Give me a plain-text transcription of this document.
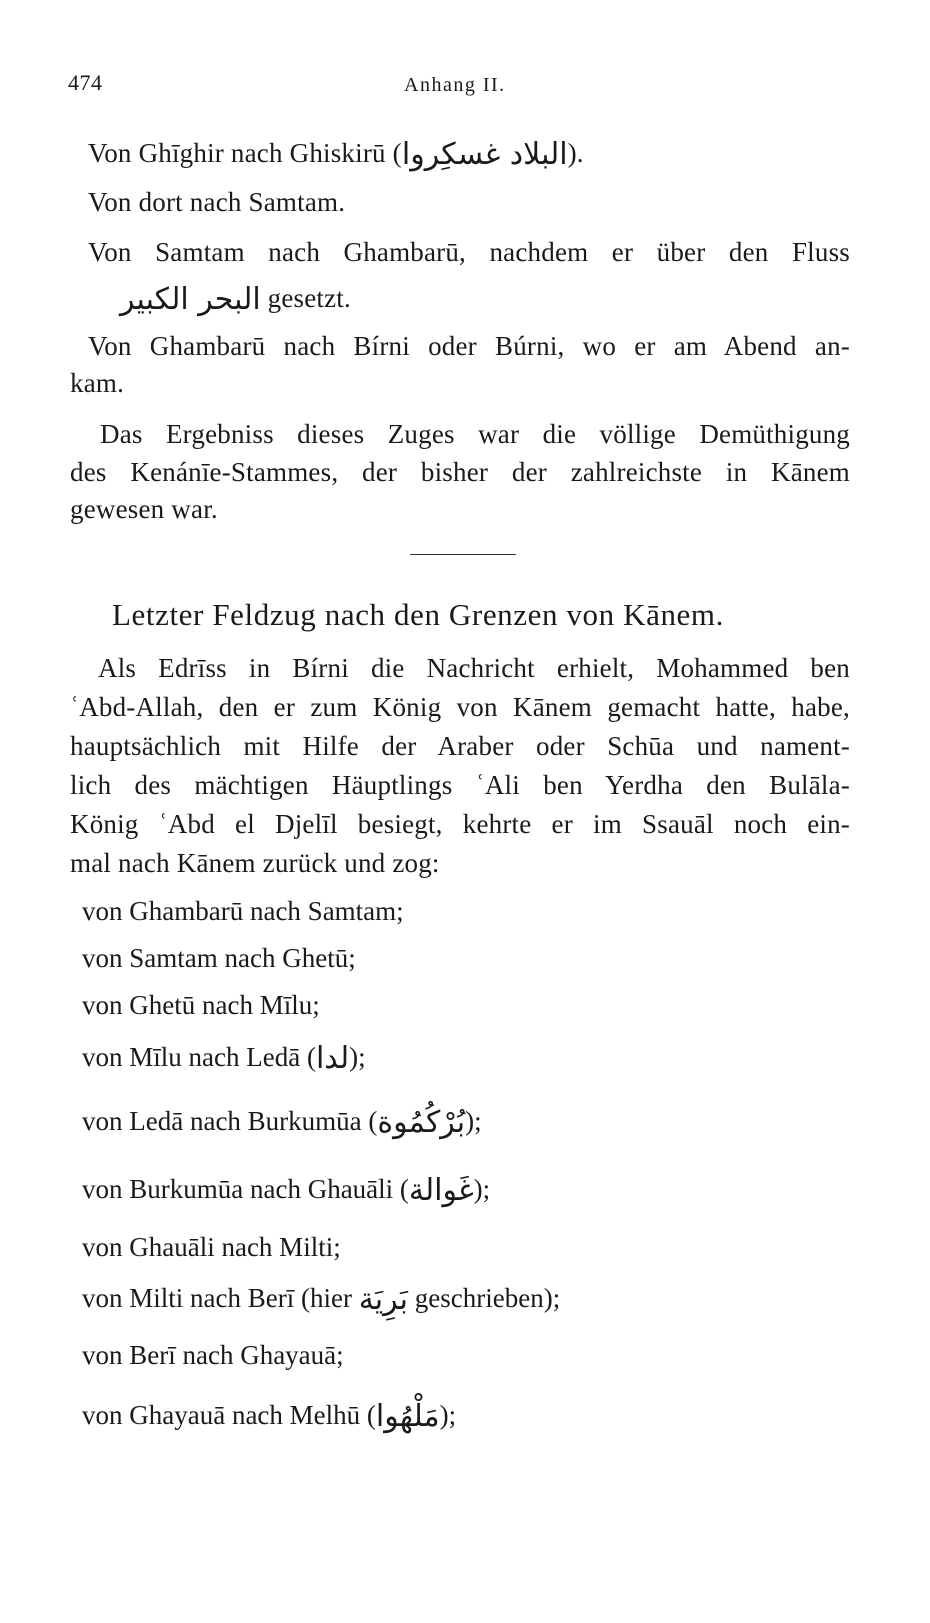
474	Anhang II.
Von Ghīghir nach Ghiskirū (البلاد غسكِروا).
Von dort nach Samtam.
Von Samtam nach Ghambarū, nachdem er über den Fluss
البحر الكبير gesetzt.
Von Ghambarū nach Bírni oder Búrni, wo er am Abend an-
kam.
Das Ergebniss dieses Zuges war die völlige Demüthigung
des Kenánīe-Stammes, der bisher der zahlreichste in Kānem
gewesen war.
Letzter Feldzug nach den Grenzen von Kānem.
Als Edrīss in Bírni die Nachricht erhielt, Mohammed ben
ʿAbd-Allah, den er zum König von Kānem gemacht hatte, habe,
hauptsächlich mit Hilfe der Araber oder Schūa und nament-
lich des mächtigen Häuptlings ʿAli ben Yerdha den Bulāla-
König ʿAbd el Djelīl besiegt, kehrte er im Ssauāl noch ein-
mal nach Kānem zurück und zog:
von Ghambarū nach Samtam;
von Samtam nach Ghetū;
von Ghetū nach Mīlu;
von Mīlu nach Ledā (لدا);
von Ledā nach Burkumūa (بُرْكُمُوة);
von Burkumūa nach Ghauāli (غَوالة);
von Ghauāli nach Milti;
von Milti nach Berī (hier بَرِيَة geschrieben);
von Berī nach Ghayauā;
von Ghayauā nach Melhū (مَلْهُوا);
